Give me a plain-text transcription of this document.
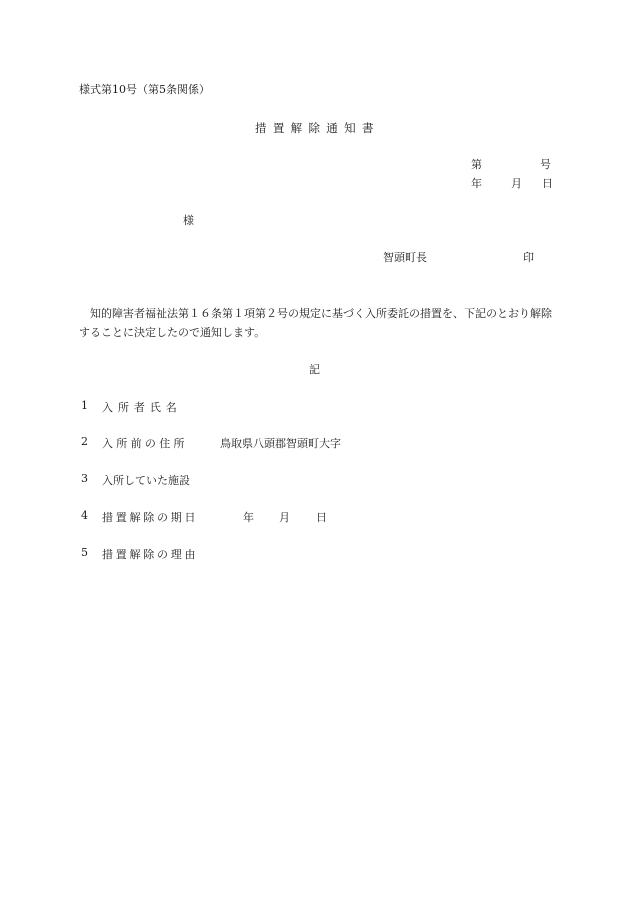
様式第10号（第5条関係）
措置解除通知書
第	号
年	月 日
様
智頭町長	印
知的障害者福祉法第１６条第１項第２号の規定に基づく入所委託の措置を、下記のとおり解除することに決定したので通知します。
記
1 入所者氏名
2 入所前の住所	鳥取県八頭郡智頭町大字
3 入所していた施設
4 措置解除の期日	年 月 日
5 措置解除の理由
